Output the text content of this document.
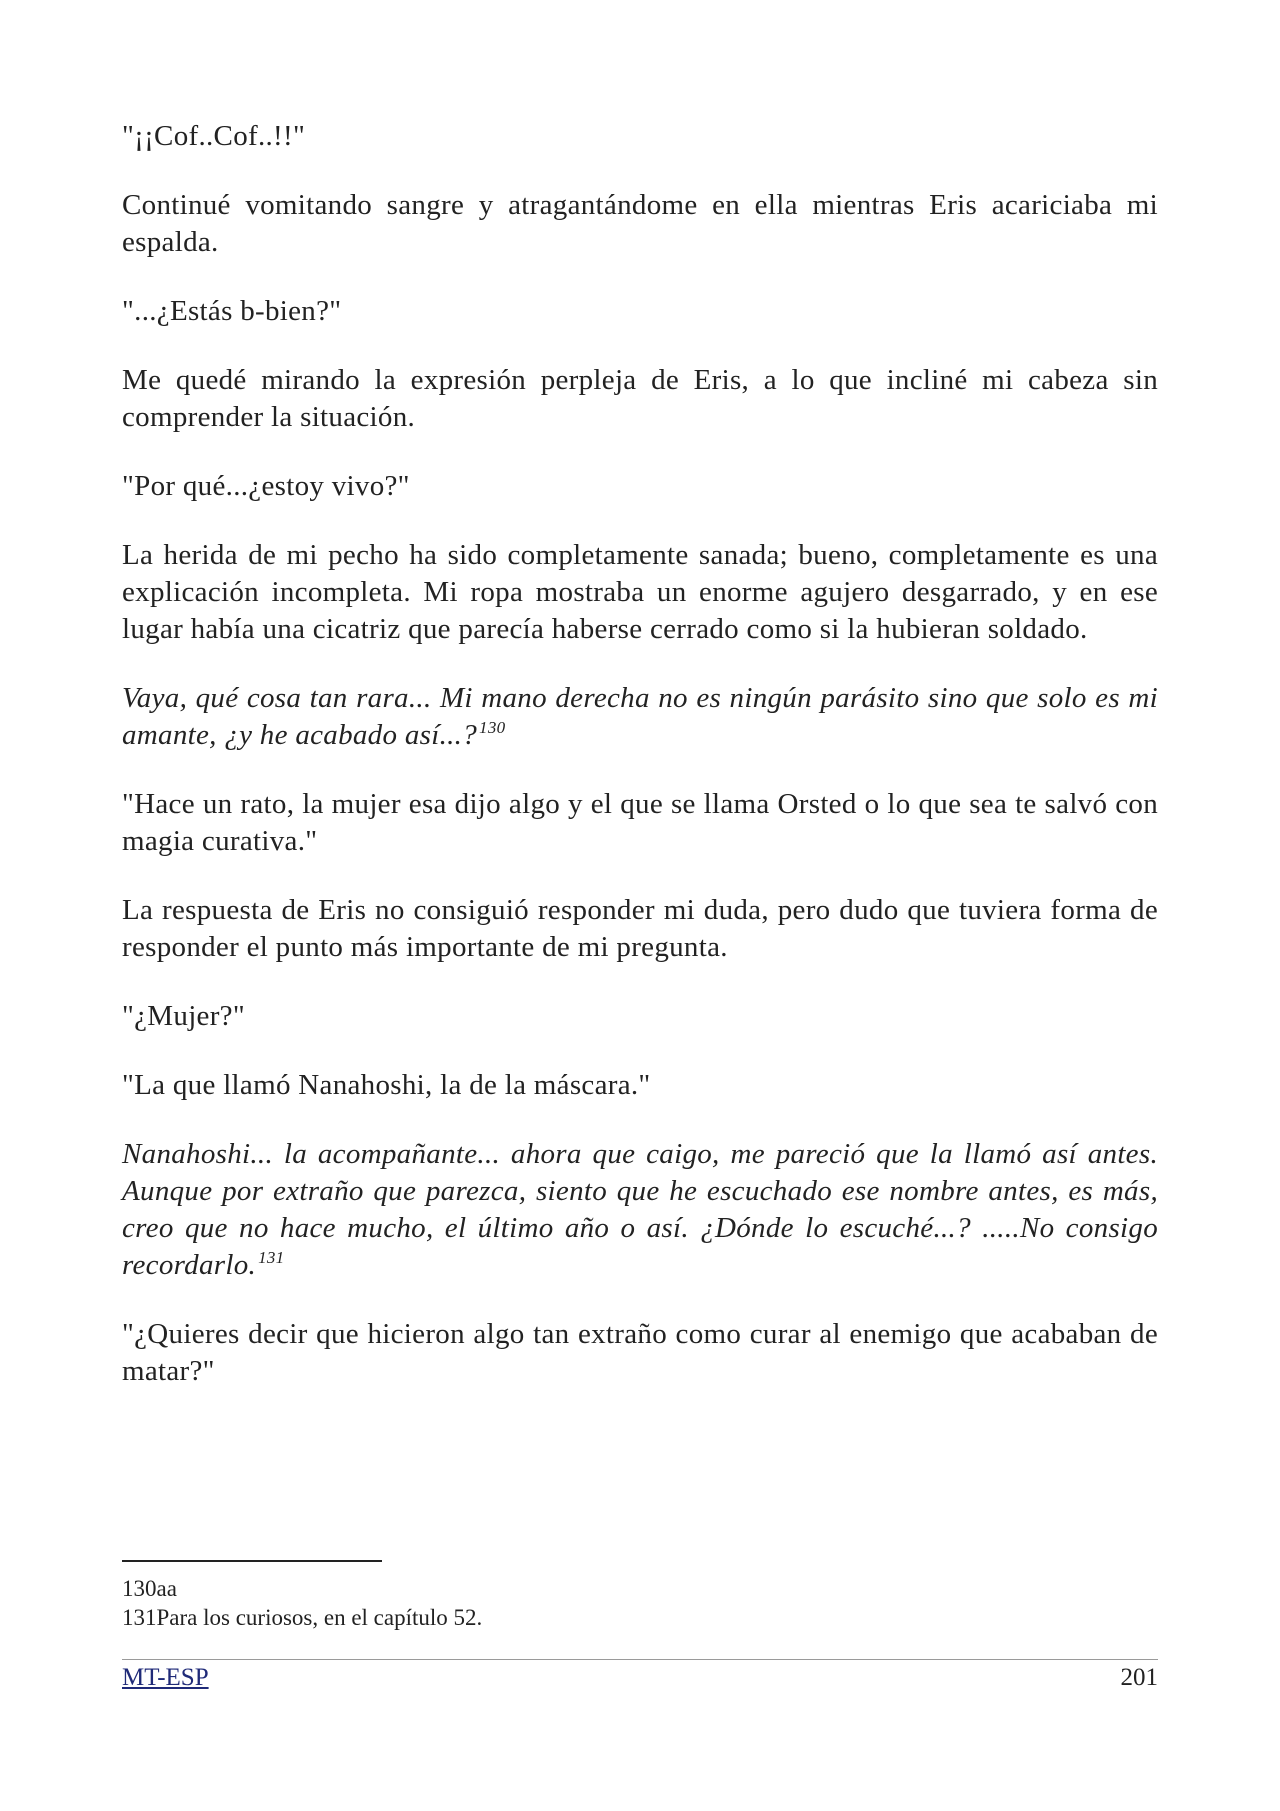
"¡¡Cof..Cof..!!"

Continué vomitando sangre y atragantándome en ella mientras Eris acariciaba mi espalda.

"...¿Estás b-bien?"

Me quedé mirando la expresión perpleja de Eris, a lo que incliné mi cabeza sin comprender la situación.

"Por qué...¿estoy vivo?"

La herida de mi pecho ha sido completamente sanada; bueno, completamente es una explicación incompleta. Mi ropa mostraba un enorme agujero desgarrado, y en ese lugar había una cicatriz que parecía haberse cerrado como si la hubieran soldado.

Vaya, qué cosa tan rara... Mi mano derecha no es ningún parásito sino que solo es mi amante, ¿y he acabado así...? $^{130}$

"Hace un rato, la mujer esa dijo algo y el que se llama Orsted o lo que sea te salvó con magia curativa."

La respuesta de Eris no consiguió responder mi duda, pero dudo que tuviera forma de responder el punto más importante de mi pregunta.

"¿Mujer?"

"La que llamó Nanahoshi, la de la máscara."

Nanahoshi... la acompañante... ahora que caigo, me pareció que la llamó así antes. Aunque por extraño que parezca, siento que he escuchado ese nombre antes, es más, creo que no hace mucho, el último año o así. ¿Dónde lo escuché...? .....No consigo recordarlo. $^{131}$

"¿Quieres decir que hicieron algo tan extraño como curar al enemigo que acababan de matar?"

130aa

131Para los curiosos, en el capítulo 52.

MT-ESP	201
